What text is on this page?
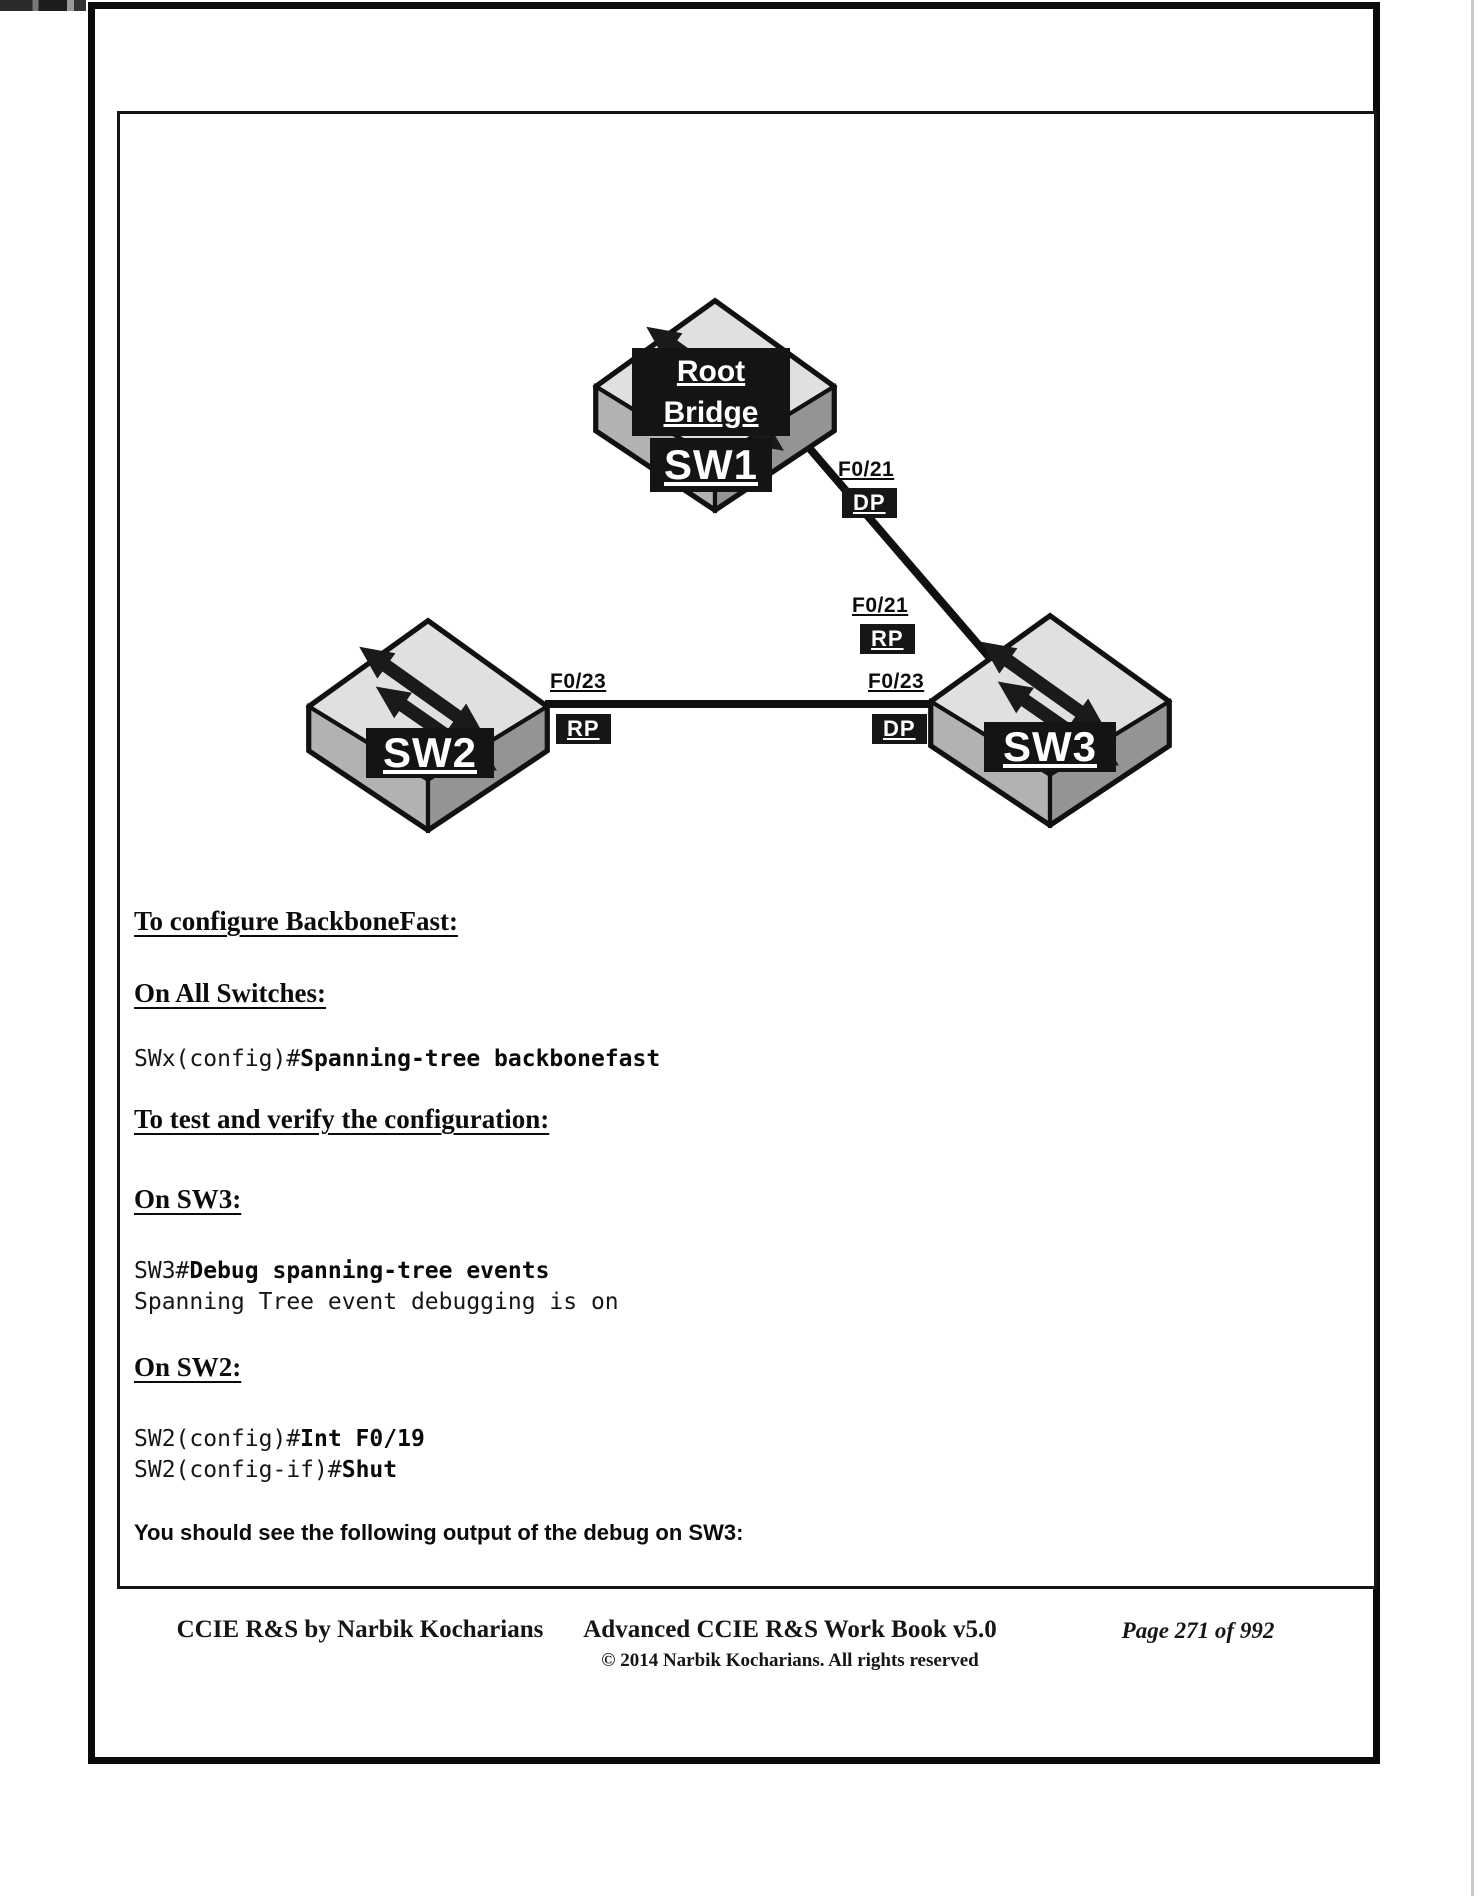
Root Bridge
SW1
SW2	SW3
F0/21
DP
F0/21
RP
F0/23
RP
F0/23
DP
To configure BackboneFast:
On All Switches:
SWx(config)#Spanning-tree backbonefast
To test and verify the configuration:
On SW3:
SW3#Debug spanning-tree events
Spanning Tree event debugging is on
On SW2:
SW2(config)#Int F0/19
SW2(config-if)#Shut
You should see the following output of the debug on SW3:
CCIE R&S by Narbik Kocharians	Advanced CCIE R&S Work Book v5.0
© 2014 Narbik Kocharians. All rights reserved
Page 271 of 992
